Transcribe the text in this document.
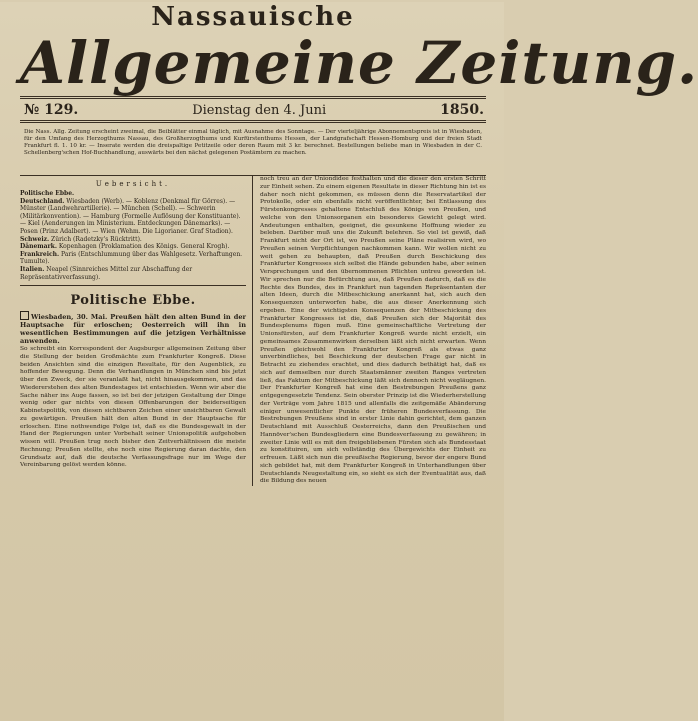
Nassauische
Allgemeine Zeitung.
№ 129.	Dienstag den 4. Juni	1850.
Die Nass. Allg. Zeitung erscheint zweimal, die Beiblätter einmal täglich, mit Ausnahme des Sonntage. — Der vierteljährige Abonnementspreis ist in Wiesbaden, für den Umfang des Herzogthums Nassau, des Großherzogthums und Kurfürstenthums Hessen, der Landgrafschaft Hessen-Homburg und der freien Stadt Frankfurt fl. 1. 10 kr. — Inserate werden die dreispaltige Petitzeile oder deren Raum mit 3 kr. berechnet. Bestellungen beliebe man in Wiesbaden in der C. Schellenberg'schen Hof-Buchhandlung, auswärts bei den nächst gelegenen Postämtern zu machen.
Uebersicht.

Politische Ebbe.

Deutschland. Wiesbaden (Werb). — Koblenz (Denkmal für Görres). — Münster (Landwehrartillerie). — München (Schell). — Schwerin (Militärkonvention). — Hamburg (Formelle Auflösung der Konstituante). — Kiel (Aenderungen im Ministerium. Entdeckungen Dänemarks). — Posen (Prinz Adalbert). — Wien (Wehm. Die Ligorianer. Graf Stadion).

Schweiz. Zürich (Radetzky's Rücktritt).

Dänemark. Kopenhagen (Proklamation des Königs. General Krogh).

Frankreich. Paris (Entschlummung über das Wahlgesetz. Verhaftungen. Tumulte).

Italien. Neapel (Sinnreiches Mittel zur Abschaffung der Repräsentativverfassung).

Politische Ebbe.

Wiesbaden, 30. Mai. Preußen hält den alten Bund in der Hauptsache für erloschen; Oesterreich will ihn in wesentlichen Bestimmungen auf die jetzigen Verhältnisse anwenden.

So schreibt ein Korrespondent der Augsburger allgemeinen Zeitung über die Stellung der beiden Großmächte zum Frankfurter Kongreß. Diese beiden Ansichten sind die einzigen Resultate, für den Augenblick, zu hoffender Bewegung. Denn die Verhandlungen in München sind bis jetzt über den Zweck, der sie veranlaßt hat, nicht hinausgekommen, und das Wiedererstehen des alten Bundestages ist entschieden. Wenn wir aber die Sache näher ins Auge fassen, so ist bei der jetzigen Gestaltung der Dinge wenig oder gar nichts von diesen Offenbarungen der beiderseitigen Kabinetspolitik, von diesen sichtbaren Zeichen einer unsichtbaren Gewalt zu gewärtigen. Preußen hält den alten Bund in der Hauptsache für erloschen. Eine nothwendige Folge ist, daß es die Bundesgewalt in der Hand der Regierungen unter Vorbehalt seiner Unionspolitik aufgehoben wissen will. Preußen trug noch bisher den Zeitverhältnissen die meiste Rechnung; Preußen stellte, ehe noch eine Regierung daran dachte, den Grundsatz auf, daß die deutsche Verfassungsfrage nur im Wege der Vereinbarung gelöst werden könne.

noch treu an der Uniondidee festhalten und die dieser den ersten Schritt zur Einheit sehen. Zu einem eigenen Resultate in dieser Richtung hin ist es daher noch nicht gekommen, es müssen denn die Reservatartikel der Protokolle, oder ein ebenfalls nicht veröffentlichter, bei Entlassung des Fürstenkongresses gehaltene Entschluß des Königs von Preußen, und welche von den Unionsorganen ein besonderes Gewicht gelegt wird. Andeutungen enthalten, geeignet, die gesunkene Hoffnung wieder zu beleben. Darüber muß uns die Zukunft belehren. So viel ist gewiß, daß Frankfurt nicht der Ort ist, wo Preußen seine Pläne realisiren wird, wo Preußen seinen Verpflichtungen nachkommen kann. Wir wollen nicht zu weit gehen zu behaupten, daß Preußen durch Beschickung des Frankfurter Kongresses sich selbst die Hände gebunden habe, aber seinen Versprechungen und den übernommenen Pflichten untreu geworden ist. Wir sprechen nur die Befürchtung aus, daß Preußen dadurch, daß es die Rechte des Bundes, des in Frankfurt nun tagenden Repräsentanten der alten Ideen, durch die Mitbeschickung anerkannt hat, sich auch den Konsequenzen unterworfen habe, die aus dieser Anerkennung sich ergeben. Eine der wichtigsten Konsequenzen der Mitbeschickung des Frankfurter Kongresses ist die, daß Preußen sich der Majorität des Bundesplenums fügen muß. Eine gemeinschaftliche Vertretung der Unionsfürsten, auf dem Frankfurter Kongreß wurde nicht erzielt, ein gemeinsames Zusammenwirken derselben läßt sich nicht erwarten. Wenn Preußen gleichwohl den Frankfurter Kongreß als etwas ganz unverbindliches, bei Beschickung der deutschen Frage gar nicht in Betracht zu ziehendes erachtet, und dies dadurch bethätigt hat, daß es sich auf demselben nur durch Staatsmänner zweiten Ranges vertreten ließ, das Faktum der Mitbeschickung läßt sich dennoch nicht wegläugnen. Der Frankfurter Kongreß hat eine den Bestrebungen Preußens ganz entgegengesetzte Tendenz. Sein oberster Prinzip ist die Wiederherstellung der Verträge vom Jahre 1815 und allenfalls die zeitgemäße Abänderung einiger unwesentlicher Punkte der früheren Bundesverfassung. Die Bestrebungen Preußens sind in erster Linie dahin gerichtet, dem ganzen Deutschland mit Ausschluß Oesterreichs, dann den Preußischen und Hannöver'schen Bundesgliedern eine Bundesverfassung zu gewähren; in zweiter Linie will es mit den freigebliebenen Fürsten sich als Bundesstaat zu konstituiren, um sich vollständig des Übergewichts der Einheit zu erfreuen. Läßt sich nun die preußische Regierung, bevor der engere Bund sich gebildet hat, mit dem Frankfurter Kongreß in Unterhandlungen über Deutschlands Neugestaltung ein, so sieht es sich der Eventualität aus, daß die Bildung des neuen
